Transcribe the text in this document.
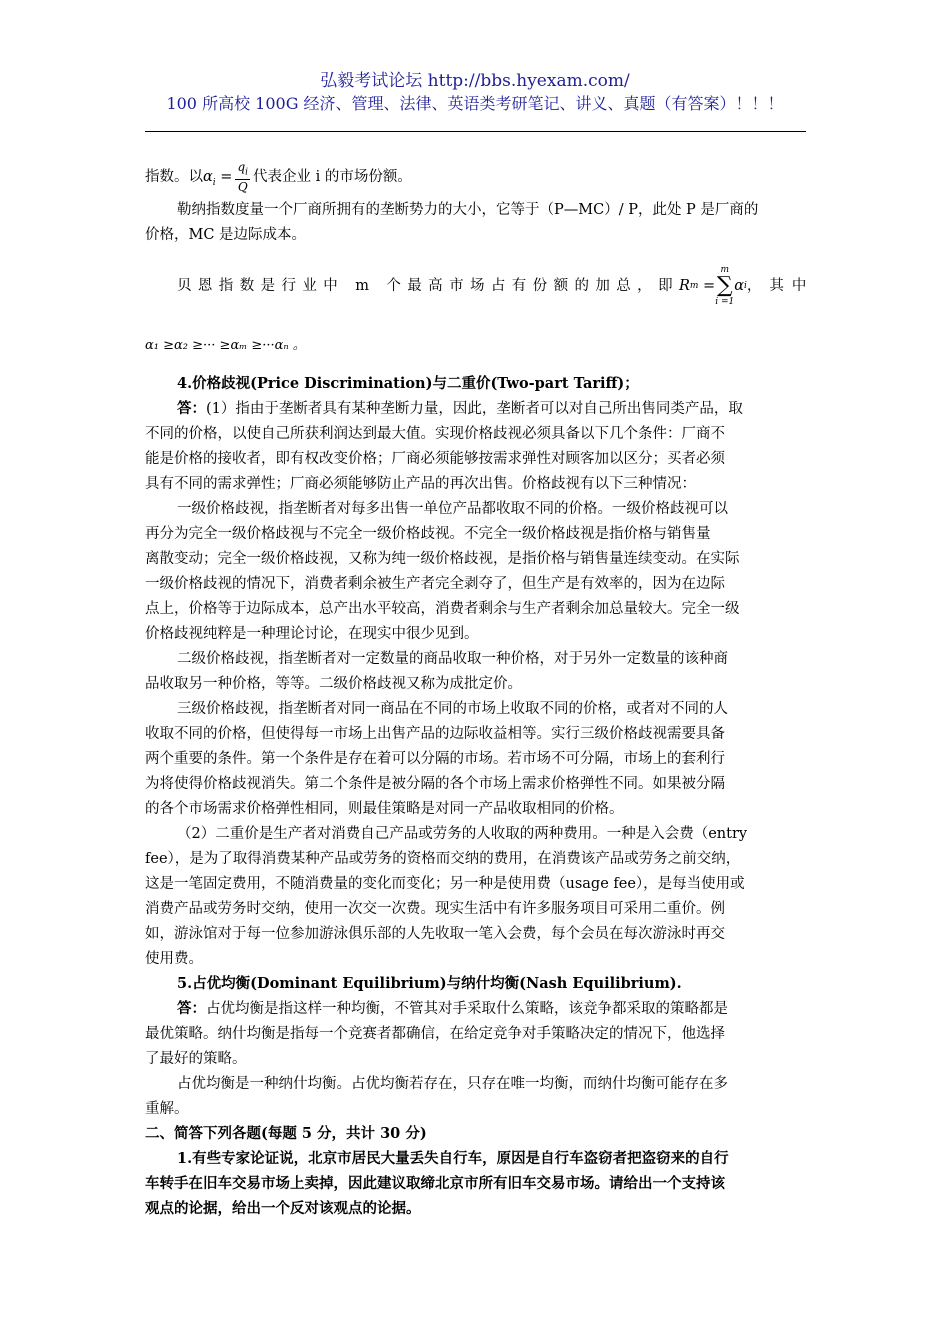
弘毅考试论坛 http://bbs.hyexam.com/
100 所高校 100G 经济、管理、法律、英语类考研笔记、讲义、真题（有答案）！！！
指数。以$\alpha_i = \frac{q_i}{Q}$ 代表企业 i 的市场份额。
勒纳指数度量一个厂商所拥有的垄断势力的大小，它等于（P—MC）/ P，此处 P 是厂商的
价格，MC 是边际成本。
贝恩指数是行业中 m 个最高市场占有份额的加总，即 R m =
m
∑
i =1
α i ，其中
α₁ ≥α₂ ≥··· ≥αₘ ≥···αₙ 。
4.价格歧视(Price Discrimination)与二重价(Two-part Tariff)；
答：(1）指由于垄断者具有某种垄断力量，因此，垄断者可以对自己所出售同类产品，取
不同的价格，以使自己所获利润达到最大值。实现价格歧视必须具备以下几个条件：厂商不
能是价格的接收者，即有权改变价格；厂商必须能够按需求弹性对顾客加以区分；买者必须
具有不同的需求弹性；厂商必须能够防止产品的再次出售。价格歧视有以下三种情况：
一级价格歧视，指垄断者对每多出售一单位产品都收取不同的价格。一级价格歧视可以
再分为完全一级价格歧视与不完全一级价格歧视。不完全一级价格歧视是指价格与销售量
离散变动；完全一级价格歧视，又称为纯一级价格歧视，是指价格与销售量连续变动。在实际
一级价格歧视的情况下，消费者剩余被生产者完全剥夺了，但生产是有效率的，因为在边际
点上，价格等于边际成本，总产出水平较高，消费者剩余与生产者剩余加总量较大。完全一级
价格歧视纯粹是一种理论讨论，在现实中很少见到。
二级价格歧视，指垄断者对一定数量的商品收取一种价格，对于另外一定数量的该种商
品收取另一种价格，等等。二级价格歧视又称为成批定价。
三级价格歧视，指垄断者对同一商品在不同的市场上收取不同的价格，或者对不同的人
收取不同的价格，但使得每一市场上出售产品的边际收益相等。实行三级价格歧视需要具备
两个重要的条件。第一个条件是存在着可以分隔的市场。若市场不可分隔，市场上的套利行
为将使得价格歧视消失。第二个条件是被分隔的各个市场上需求价格弹性不同。如果被分隔
的各个市场需求价格弹性相同，则最佳策略是对同一产品收取相同的价格。
（2）二重价是生产者对消费自己产品或劳务的人收取的两种费用。一种是入会费（entry
fee），是为了取得消费某种产品或劳务的资格而交纳的费用，在消费该产品或劳务之前交纳，
这是一笔固定费用，不随消费量的变化而变化；另一种是使用费（usage fee），是每当使用或
消费产品或劳务时交纳，使用一次交一次费。现实生活中有许多服务项目可采用二重价。例
如，游泳馆对于每一位参加游泳俱乐部的人先收取一笔入会费，每个会员在每次游泳时再交
使用费。
5.占优均衡(Dominant Equilibrium)与纳什均衡(Nash Equilibrium).
答：占优均衡是指这样一种均衡，不管其对手采取什么策略，该竞争都采取的策略都是
最优策略。纳什均衡是指每一个竞赛者都确信，在给定竞争对手策略决定的情况下，他选择
了最好的策略。
占优均衡是一种纳什均衡。占优均衡若存在，只存在唯一均衡，而纳什均衡可能存在多
重解。
二、简答下列各题(每题 5 分，共计 30 分)
1.有些专家论证说，北京市居民大量丢失自行车，原因是自行车盗窃者把盗窃来的自行
车转手在旧车交易市场上卖掉，因此建议取缔北京市所有旧车交易市场。请给出一个支持该
观点的论据，给出一个反对该观点的论据。
